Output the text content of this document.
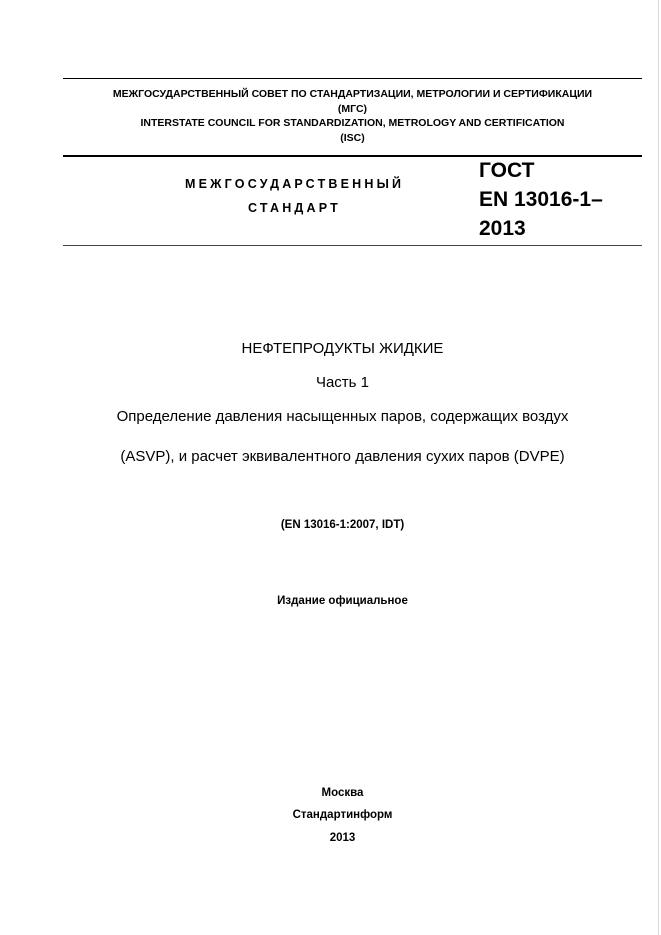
МЕЖГОСУДАРСТВЕННЫЙ СОВЕТ ПО СТАНДАРТИЗАЦИИ, МЕТРОЛОГИИ И СЕРТИФИКАЦИИ
(МГС)
INTERSTATE COUNCIL FOR STANDARDIZATION, METROLOGY AND CERTIFICATION
(ISC)
МЕЖГОСУДАРСТВЕННЫЙ
СТАНДАРТ
ГОСТ
EN 13016-1–
2013
НЕФТЕПРОДУКТЫ ЖИДКИЕ
Часть 1
Определение давления насыщенных паров, содержащих воздух
(ASVP), и расчет эквивалентного давления сухих паров (DVPE)
(EN 13016-1:2007, IDT)
Издание официальное
Москва
Стандартинформ
2013
